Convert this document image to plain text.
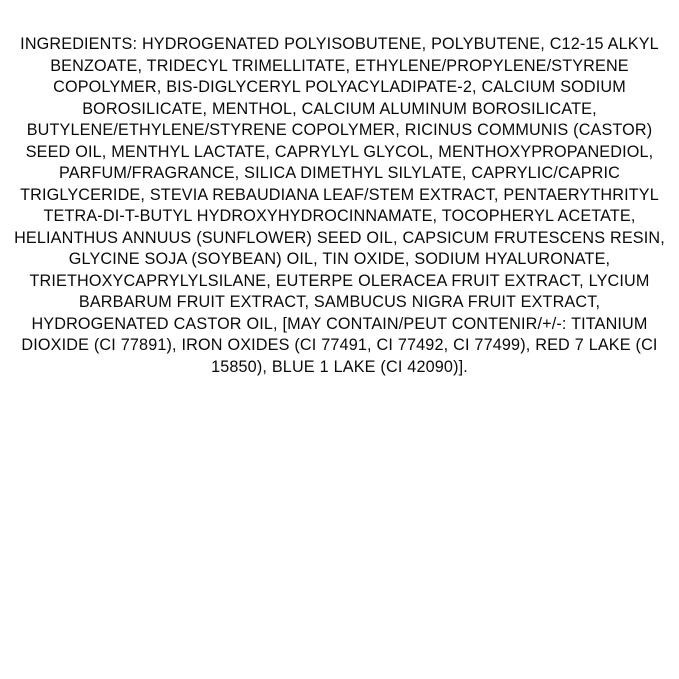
INGREDIENTS: HYDROGENATED POLYISOBUTENE, POLYBUTENE, C12-15 ALKYL BENZOATE, TRIDECYL TRIMELLITATE, ETHYLENE/PROPYLENE/STYRENE COPOLYMER, BIS-DIGLYCERYL POLYACYLADIPATE-2, CALCIUM SODIUM BOROSILICATE, MENTHOL, CALCIUM ALUMINUM BOROSILICATE, BUTYLENE/ETHYLENE/STYRENE COPOLYMER, RICINUS COMMUNIS (CASTOR) SEED OIL, MENTHYL LACTATE, CAPRYLYL GLYCOL, MENTHOXYPROPANEDIOL, PARFUM/FRAGRANCE, SILICA DIMETHYL SILYLATE, CAPRYLIC/CAPRIC TRIGLYCERIDE, STEVIA REBAUDIANA LEAF/STEM EXTRACT, PENTAERYTHRITYL TETRA-DI-T-BUTYL HYDROXYHYDROCINNAMATE, TOCOPHERYL ACETATE, HELIANTHUS ANNUUS (SUNFLOWER) SEED OIL, CAPSICUM FRUTESCENS RESIN, GLYCINE SOJA (SOYBEAN) OIL, TIN OXIDE, SODIUM HYALURONATE, TRIETHOXYCAPRYLYLSILANE, EUTERPE OLERACEA FRUIT EXTRACT, LYCIUM BARBARUM FRUIT EXTRACT, SAMBUCUS NIGRA FRUIT EXTRACT, HYDROGENATED CASTOR OIL, [MAY CONTAIN/PEUT CONTENIR/+/-: TITANIUM DIOXIDE (CI 77891), IRON OXIDES (CI 77491, CI 77492, CI 77499), RED 7 LAKE (CI 15850), BLUE 1 LAKE (CI 42090)].
